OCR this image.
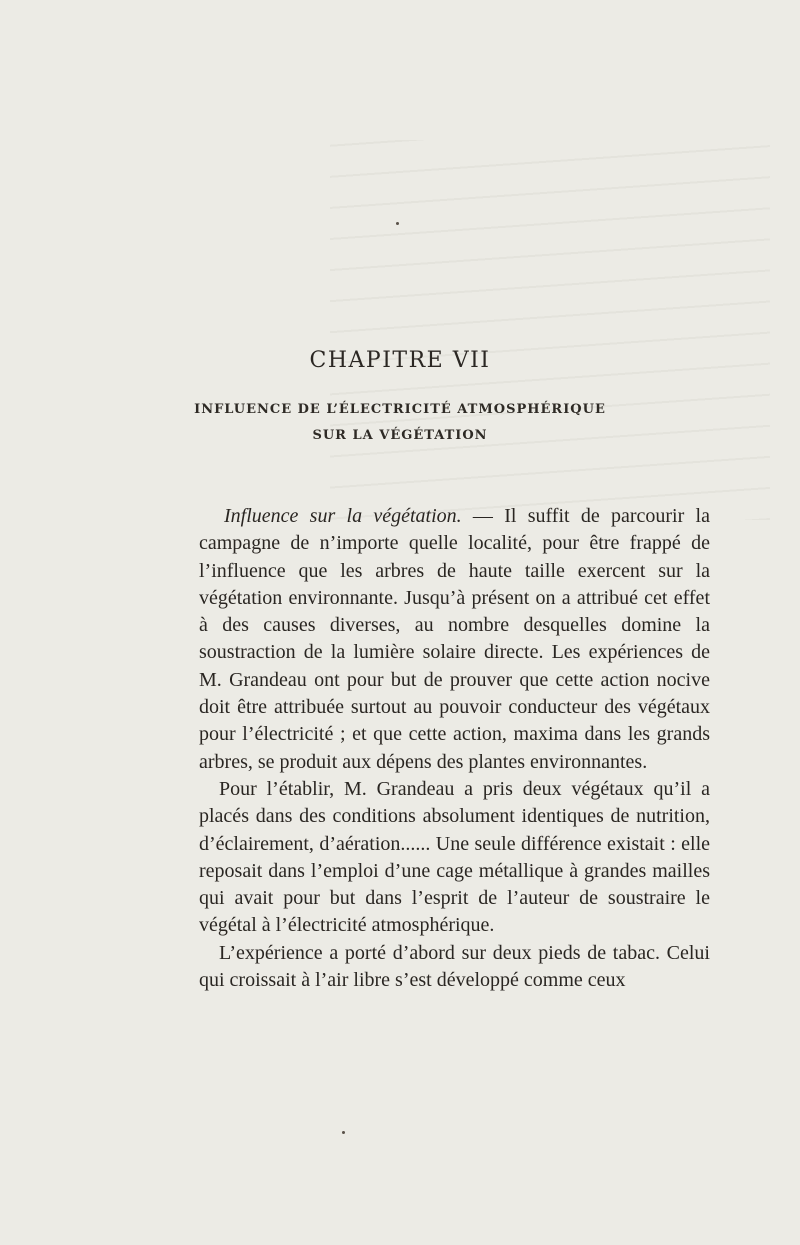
CHAPITRE VII
INFLUENCE DE L’ÉLECTRICITÉ ATMOSPHÉRIQUE
SUR LA VÉGÉTATION

Influence sur la végétation. — Il suffit de parcourir la campagne de n’importe quelle localité, pour être frappé de l’influence que les arbres de haute taille exercent sur la végétation environnante. Jusqu’à présent on a attribué cet effet à des causes diverses, au nombre desquelles domine la soustraction de la lumière solaire directe. Les expériences de M. Grandeau ont pour but de prouver que cette action nocive doit être attribuée surtout au pouvoir conducteur des végétaux pour l’électricité ; et que cette action, maxima dans les grands arbres, se produit aux dépens des plantes environnantes.

Pour l’établir, M. Grandeau a pris deux végétaux qu’il a placés dans des conditions absolument identiques de nutrition, d’éclairement, d’aération...... Une seule différence existait : elle reposait dans l’emploi d’une cage métallique à grandes mailles qui avait pour but dans l’esprit de l’auteur de soustraire le végétal à l’électricité atmosphérique.

L’expérience a porté d’abord sur deux pieds de tabac. Celui qui croissait à l’air libre s’est développé comme ceux
